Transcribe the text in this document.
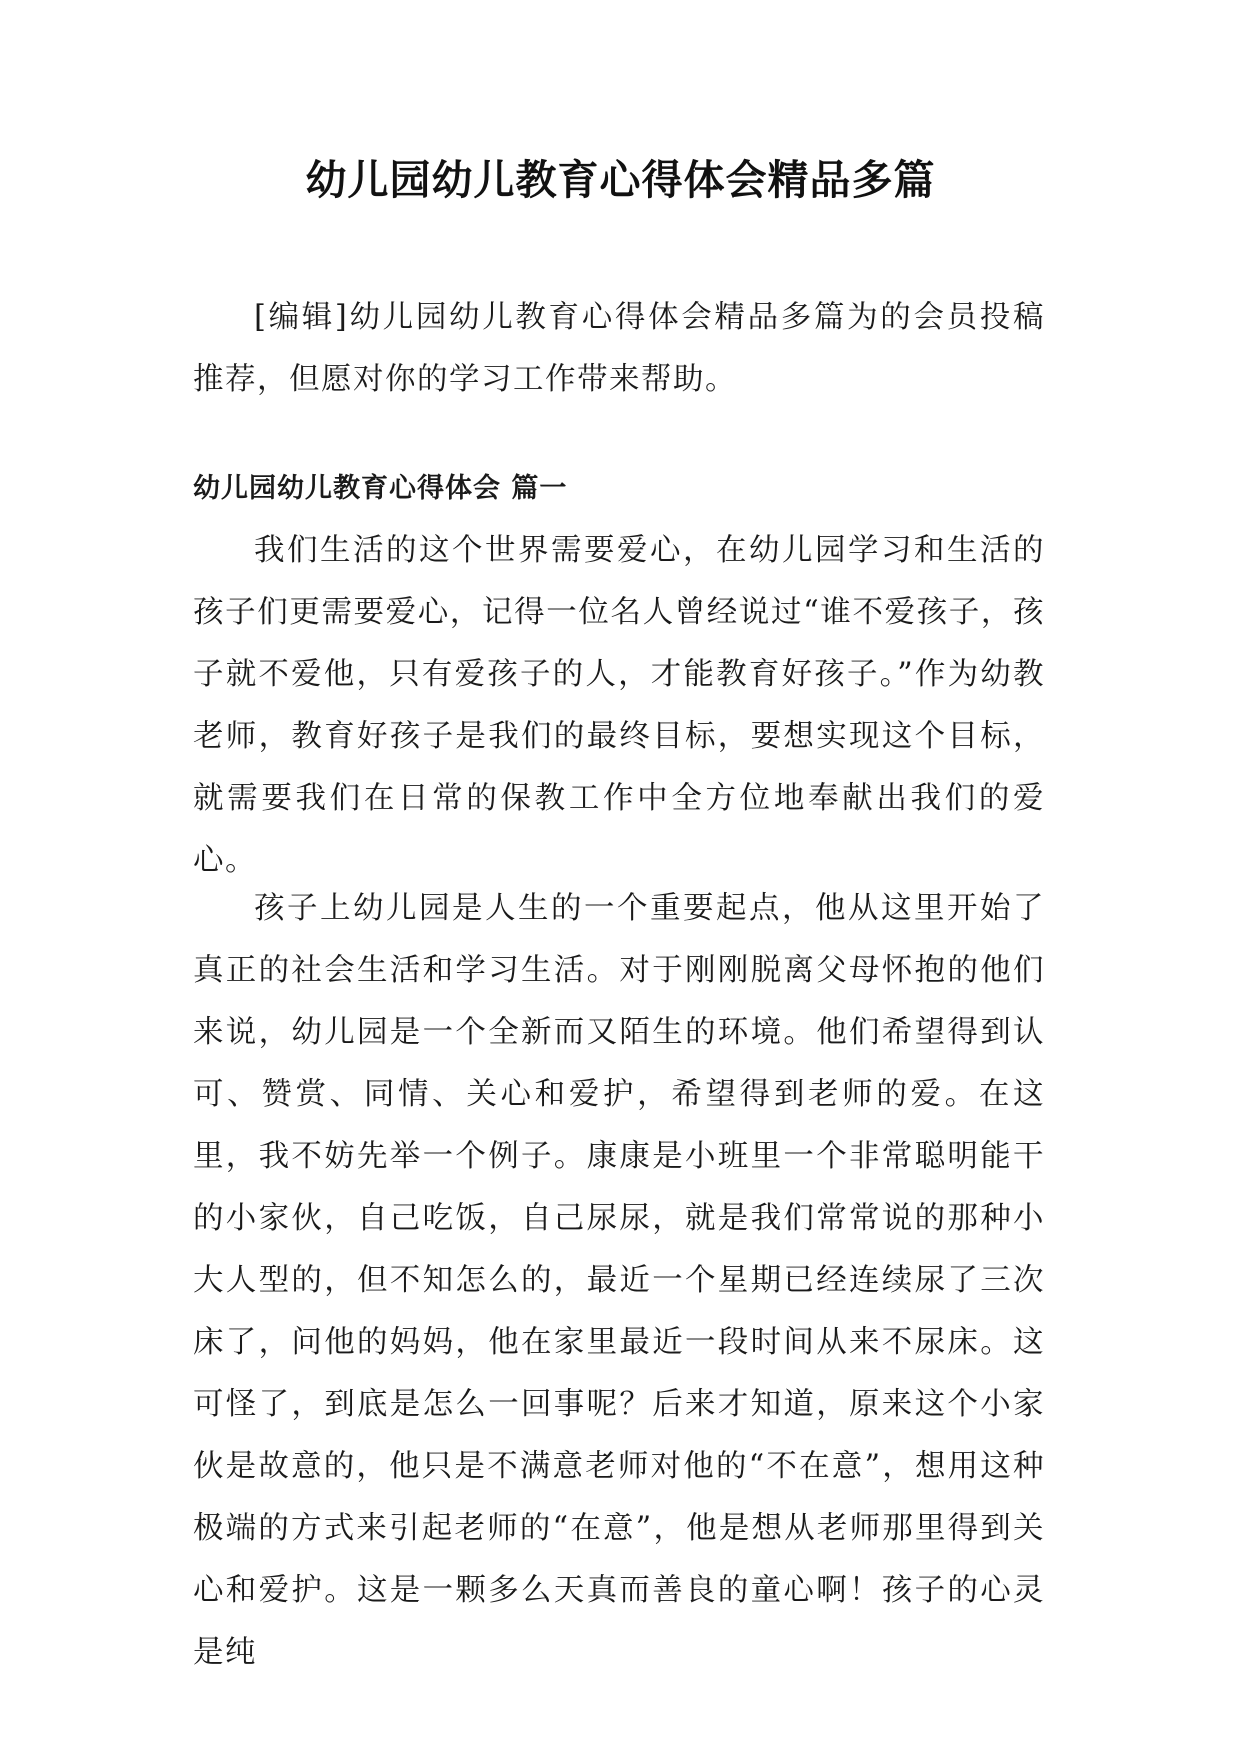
幼儿园幼儿教育心得体会精品多篇

[编辑]幼儿园幼儿教育心得体会精品多篇为的会员投稿推荐，但愿对你的学习工作带来帮助。

幼儿园幼儿教育心得体会 篇一

我们生活的这个世界需要爱心，在幼儿园学习和生活的孩子们更需要爱心，记得一位名人曾经说过“谁不爱孩子，孩子就不爱他，只有爱孩子的人，才能教育好孩子。”作为幼教老师，教育好孩子是我们的最终目标，要想实现这个目标，就需要我们在日常的保教工作中全方位地奉献出我们的爱心。

孩子上幼儿园是人生的一个重要起点，他从这里开始了真正的社会生活和学习生活。对于刚刚脱离父母怀抱的他们来说，幼儿园是一个全新而又陌生的环境。他们希望得到认可、赞赏、同情、关心和爱护，希望得到老师的爱。在这里，我不妨先举一个例子。康康是小班里一个非常聪明能干的小家伙，自己吃饭，自己尿尿，就是我们常常说的那种小大人型的，但不知怎么的，最近一个星期已经连续尿了三次床了，问他的妈妈，他在家里最近一段时间从来不尿床。这可怪了，到底是怎么一回事呢？后来才知道，原来这个小家伙是故意的，他只是不满意老师对他的“不在意”，想用这种极端的方式来引起老师的“在意”，他是想从老师那里得到关心和爱护。这是一颗多么天真而善良的童心啊！孩子的心灵是纯
